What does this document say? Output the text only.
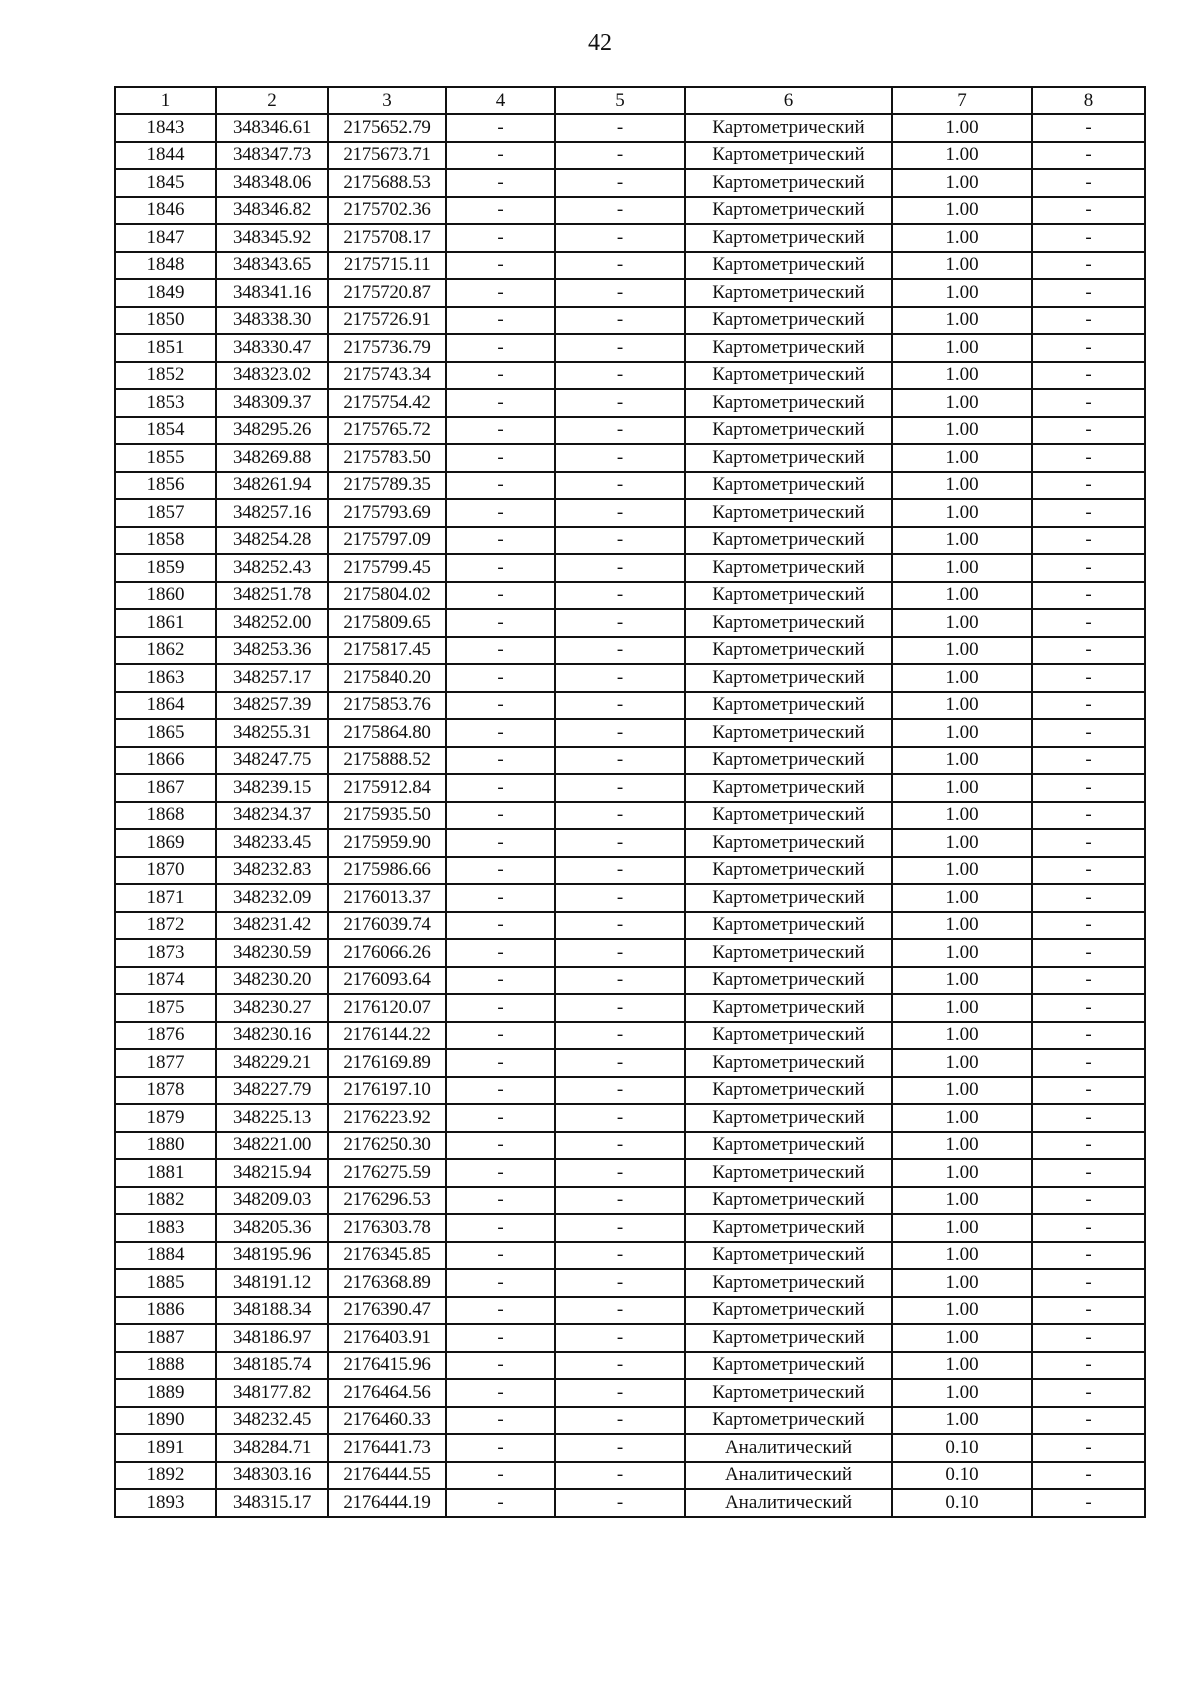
42
1	2	3	4	5	6	7	8
1843	348346.61	2175652.79	-	-	Картометрический	1.00	-
1844	348347.73	2175673.71	-	-	Картометрический	1.00	-
1845	348348.06	2175688.53	-	-	Картометрический	1.00	-
1846	348346.82	2175702.36	-	-	Картометрический	1.00	-
1847	348345.92	2175708.17	-	-	Картометрический	1.00	-
1848	348343.65	2175715.11	-	-	Картометрический	1.00	-
1849	348341.16	2175720.87	-	-	Картометрический	1.00	-
1850	348338.30	2175726.91	-	-	Картометрический	1.00	-
1851	348330.47	2175736.79	-	-	Картометрический	1.00	-
1852	348323.02	2175743.34	-	-	Картометрический	1.00	-
1853	348309.37	2175754.42	-	-	Картометрический	1.00	-
1854	348295.26	2175765.72	-	-	Картометрический	1.00	-
1855	348269.88	2175783.50	-	-	Картометрический	1.00	-
1856	348261.94	2175789.35	-	-	Картометрический	1.00	-
1857	348257.16	2175793.69	-	-	Картометрический	1.00	-
1858	348254.28	2175797.09	-	-	Картометрический	1.00	-
1859	348252.43	2175799.45	-	-	Картометрический	1.00	-
1860	348251.78	2175804.02	-	-	Картометрический	1.00	-
1861	348252.00	2175809.65	-	-	Картометрический	1.00	-
1862	348253.36	2175817.45	-	-	Картометрический	1.00	-
1863	348257.17	2175840.20	-	-	Картометрический	1.00	-
1864	348257.39	2175853.76	-	-	Картометрический	1.00	-
1865	348255.31	2175864.80	-	-	Картометрический	1.00	-
1866	348247.75	2175888.52	-	-	Картометрический	1.00	-
1867	348239.15	2175912.84	-	-	Картометрический	1.00	-
1868	348234.37	2175935.50	-	-	Картометрический	1.00	-
1869	348233.45	2175959.90	-	-	Картометрический	1.00	-
1870	348232.83	2175986.66	-	-	Картометрический	1.00	-
1871	348232.09	2176013.37	-	-	Картометрический	1.00	-
1872	348231.42	2176039.74	-	-	Картометрический	1.00	-
1873	348230.59	2176066.26	-	-	Картометрический	1.00	-
1874	348230.20	2176093.64	-	-	Картометрический	1.00	-
1875	348230.27	2176120.07	-	-	Картометрический	1.00	-
1876	348230.16	2176144.22	-	-	Картометрический	1.00	-
1877	348229.21	2176169.89	-	-	Картометрический	1.00	-
1878	348227.79	2176197.10	-	-	Картометрический	1.00	-
1879	348225.13	2176223.92	-	-	Картометрический	1.00	-
1880	348221.00	2176250.30	-	-	Картометрический	1.00	-
1881	348215.94	2176275.59	-	-	Картометрический	1.00	-
1882	348209.03	2176296.53	-	-	Картометрический	1.00	-
1883	348205.36	2176303.78	-	-	Картометрический	1.00	-
1884	348195.96	2176345.85	-	-	Картометрический	1.00	-
1885	348191.12	2176368.89	-	-	Картометрический	1.00	-
1886	348188.34	2176390.47	-	-	Картометрический	1.00	-
1887	348186.97	2176403.91	-	-	Картометрический	1.00	-
1888	348185.74	2176415.96	-	-	Картометрический	1.00	-
1889	348177.82	2176464.56	-	-	Картометрический	1.00	-
1890	348232.45	2176460.33	-	-	Картометрический	1.00	-
1891	348284.71	2176441.73	-	-	Аналитический	0.10	-
1892	348303.16	2176444.55	-	-	Аналитический	0.10	-
1893	348315.17	2176444.19	-	-	Аналитический	0.10	-
